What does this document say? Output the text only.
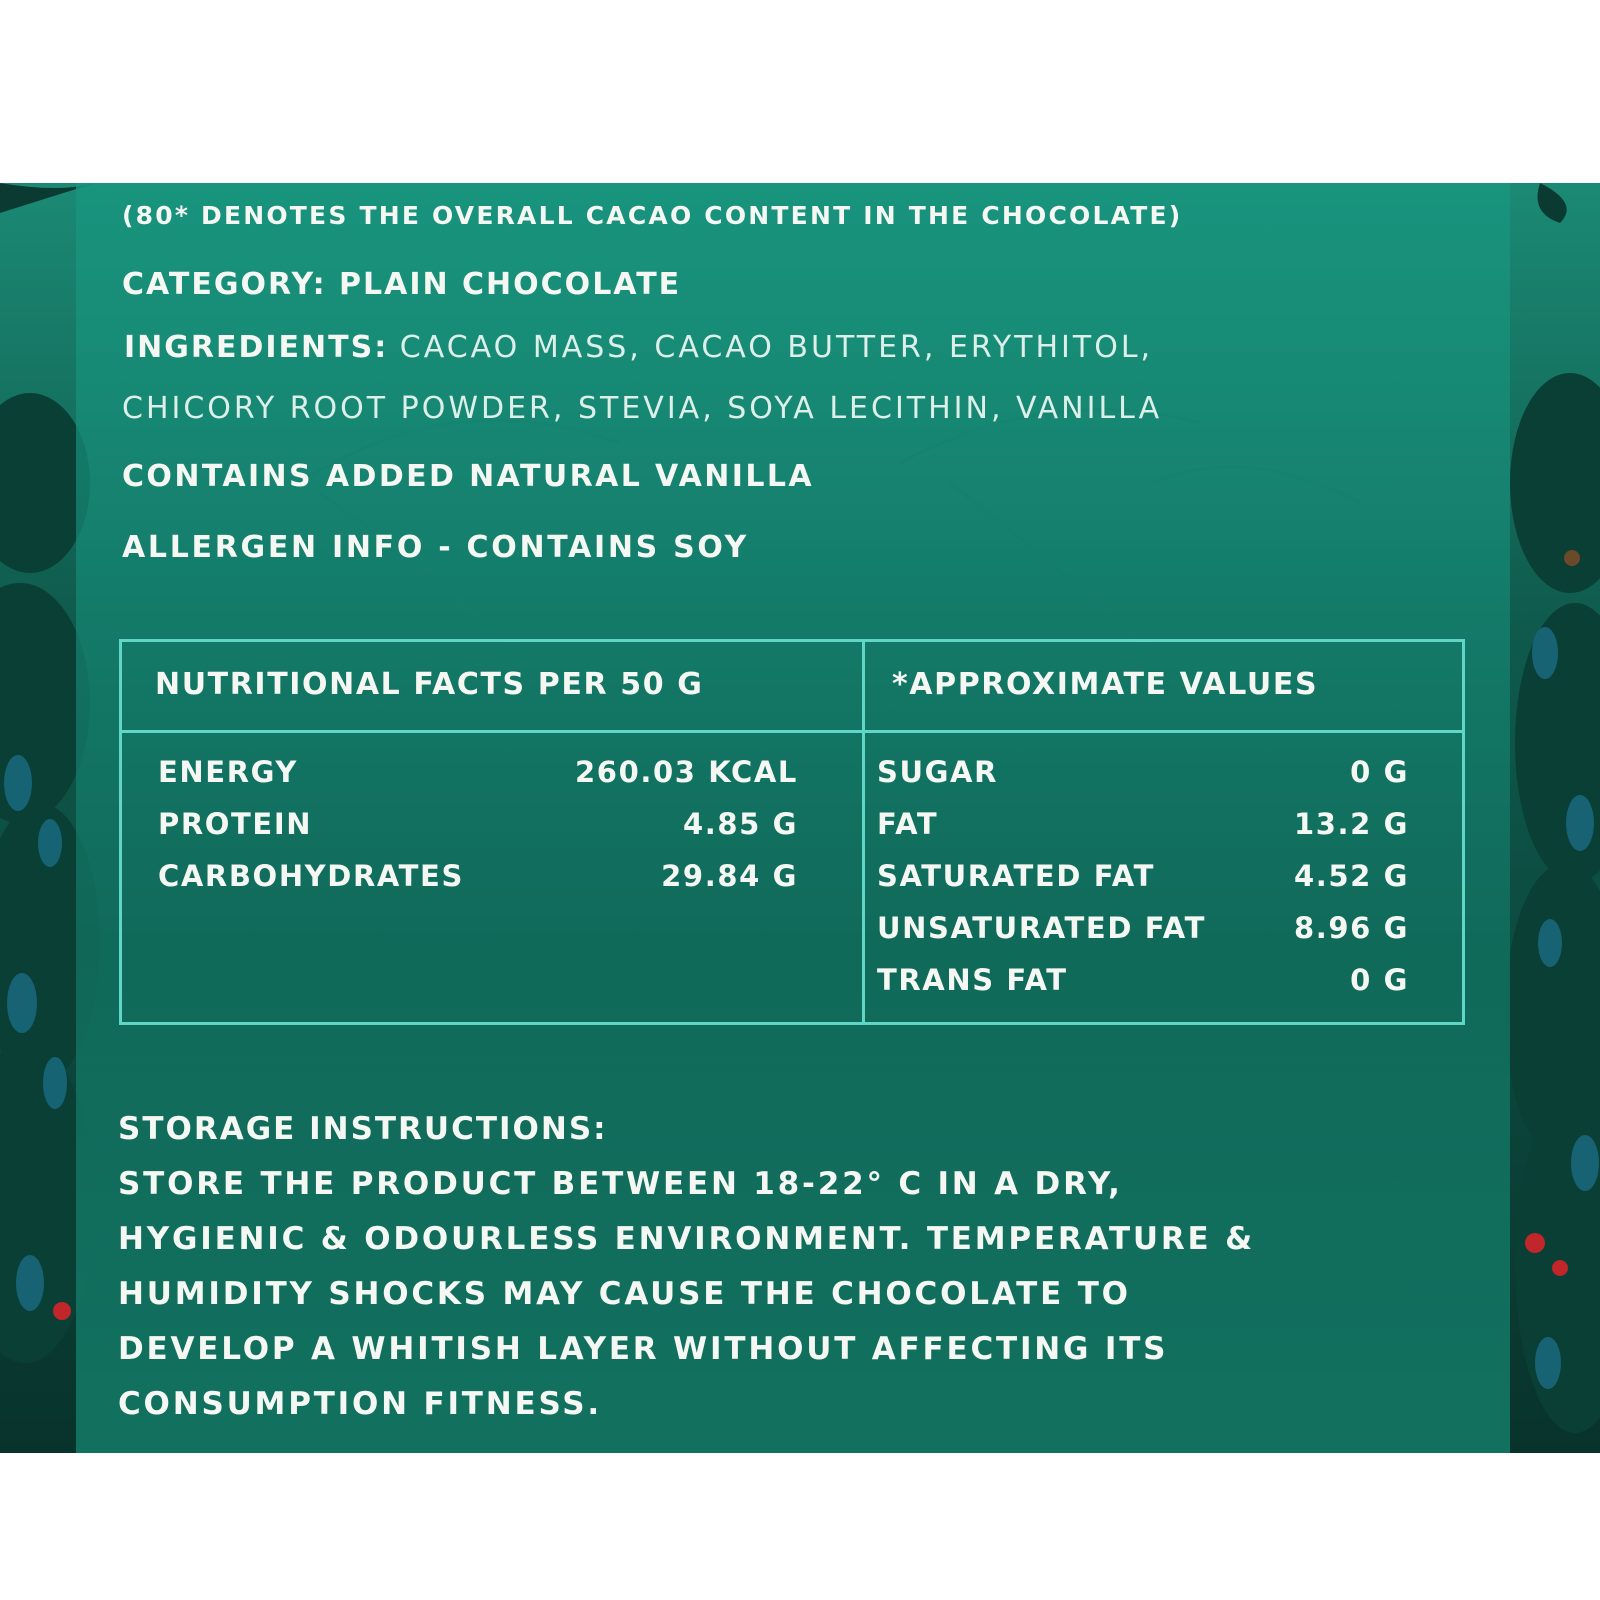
(80* DENOTES THE OVERALL CACAO CONTENT IN THE CHOCOLATE)
CATEGORY: PLAIN CHOCOLATE
INGREDIENTS: CACAO MASS, CACAO BUTTER, ERYTHITOL,
CHICORY ROOT POWDER, STEVIA, SOYA LECITHIN, VANILLA
CONTAINS ADDED NATURAL VANILLA
ALLERGEN INFO - CONTAINS SOY
NUTRITIONAL FACTS PER 50 G	*APPROXIMATE VALUES
ENERGY	260.03 KCAL
PROTEIN	4.85 G
CARBOHYDRATES	29.84 G
SUGAR	0 G
FAT	13.2 G
SATURATED FAT	4.52 G
UNSATURATED FAT	8.96 G
TRANS FAT	0 G
STORAGE INSTRUCTIONS:
STORE THE PRODUCT BETWEEN 18-22° C IN A DRY,
HYGIENIC & ODOURLESS ENVIRONMENT. TEMPERATURE &
HUMIDITY SHOCKS MAY CAUSE THE CHOCOLATE TO
DEVELOP A WHITISH LAYER WITHOUT AFFECTING ITS
CONSUMPTION FITNESS.
